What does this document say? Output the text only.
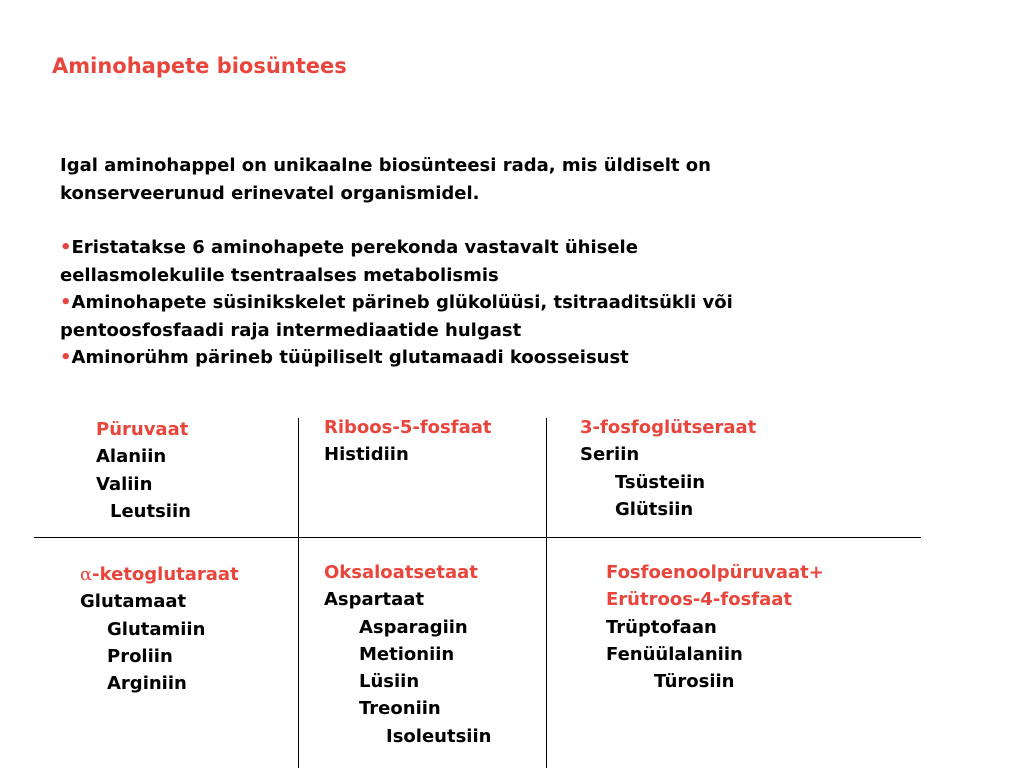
Aminohapete biosüntees

Igal aminohappel on unikaalne biosünteesi rada, mis üldiselt on konserveerunud erinevatel organismidel.

•Eristatakse 6 aminohapete perekonda vastavalt ühisele eellasmolekulile tsentraalses metabolismis

•Aminohapete süsinikskelet pärineb glükolüüsi, tsitraaditsükli või pentoosfosfaadi raja intermediaatide hulgast

•Aminorühm pärineb tüüpiliselt glutamaadi koosseisust

Püruvaat
Alaniin
Valiin
Leutsiin
Riboos-5-fosfaat
Histidiin
3-fosfoglütseraat
Seriin
Tsüsteiin
Glütsiin
α-ketoglutaraat
Glutamaat
Glutamiin
Proliin
Arginiin
Oksaloatsetaat
Aspartaat
Asparagiin
Metioniin
Lüsiin
Treoniin
Isoleutsiin
Fosfoenoolpüruvaat+
Erütroos-4-fosfaat
Trüptofaan
Fenüülalaniin
Türosiin
